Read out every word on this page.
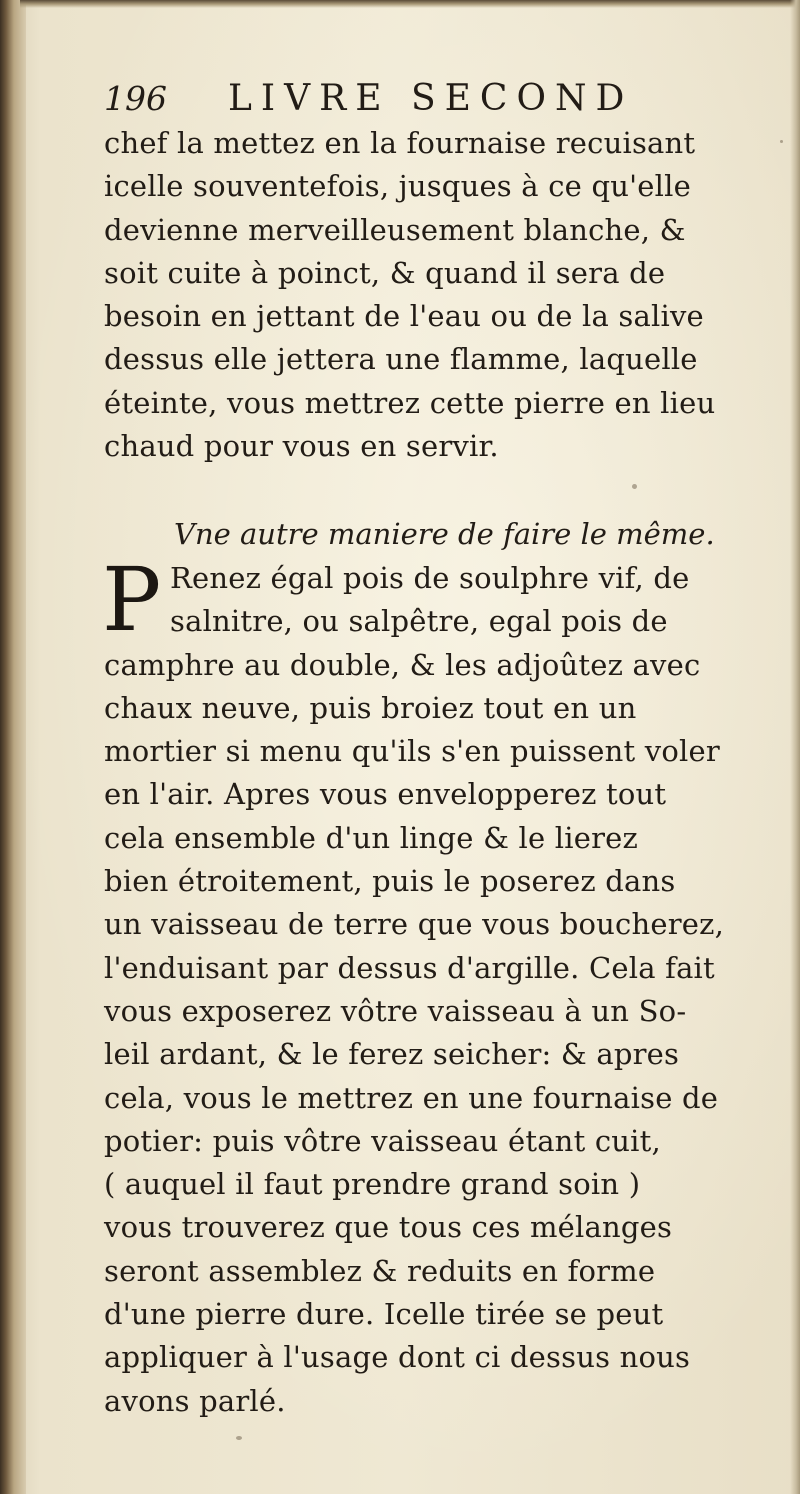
196 LIVRE SECOND
chef la mettez en la fournaise recuisant
icelle souventefois, jusques à ce qu'elle
devienne merveilleusement blanche, &
soit cuite à poinct, & quand il sera de
besoin en jettant de l'eau ou de la salive
dessus elle jettera une flamme, laquelle
éteinte, vous mettrez cette pierre en lieu
chaud pour vous en servir.
Vne autre maniere de faire le même.
P Renez égal pois de soulphre vif, de
salnitre, ou salpêtre, egal pois de
camphre au double, & les adjoûtez avec
chaux neuve, puis broiez tout en un
mortier si menu qu'ils s'en puissent voler
en l'air. Apres vous envelopperez tout
cela ensemble d'un linge & le lierez
bien étroitement, puis le poserez dans
un vaisseau de terre que vous boucherez,
l'enduisant par dessus d'argille. Cela fait
vous exposerez vôtre vaisseau à un So-
leil ardant, & le ferez seicher: & apres
cela, vous le mettrez en une fournaise de
potier: puis vôtre vaisseau étant cuit,
( auquel il faut prendre grand soin )
vous trouverez que tous ces mélanges
seront assemblez & reduits en forme
d'une pierre dure. Icelle tirée se peut
appliquer à l'usage dont ci dessus nous
avons parlé.
